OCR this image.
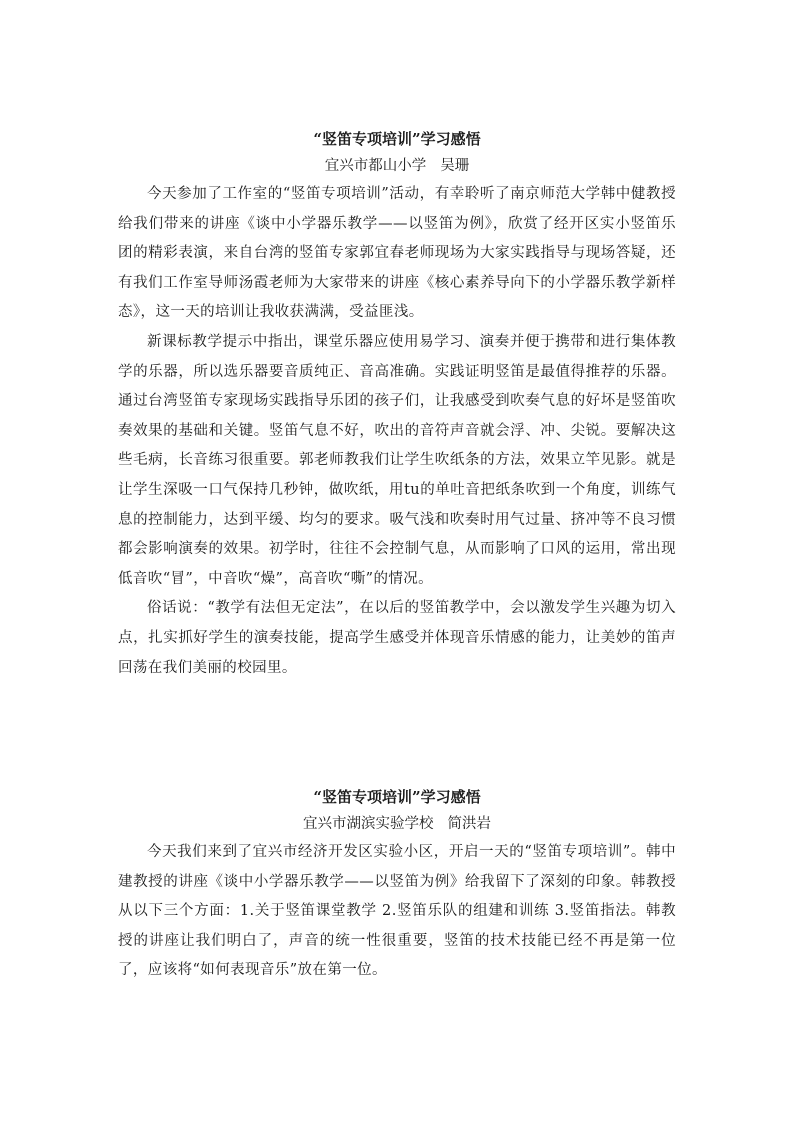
“竖笛专项培训”学习感悟
宜兴市都山小学 吴珊

今天参加了工作室的“竖笛专项培训”活动，有幸聆听了南京师范大学韩中健教授给我们带来的讲座《谈中小学器乐教学——以竖笛为例》，欣赏了经开区实小竖笛乐团的精彩表演，来自台湾的竖笛专家郭宜春老师现场为大家实践指导与现场答疑，还有我们工作室导师汤霞老师为大家带来的讲座《核心素养导向下的小学器乐教学新样态》，这一天的培训让我收获满满，受益匪浅。

新课标教学提示中指出，课堂乐器应使用易学习、演奏并便于携带和进行集体教学的乐器，所以选乐器要音质纯正、音高准确。实践证明竖笛是最值得推荐的乐器。通过台湾竖笛专家现场实践指导乐团的孩子们，让我感受到吹奏气息的好坏是竖笛吹奏效果的基础和关键。竖笛气息不好，吹出的音符声音就会浮、冲、尖锐。要解决这些毛病，长音练习很重要。郭老师教我们让学生吹纸条的方法，效果立竿见影。就是让学生深吸一口气保持几秒钟，做吹纸，用tu的单吐音把纸条吹到一个角度，训练气息的控制能力，达到平缓、均匀的要求。吸气浅和吹奏时用气过量、挤冲等不良习惯都会影响演奏的效果。初学时，往往不会控制气息，从而影响了口风的运用，常出现低音吹“冒”，中音吹“燥”，高音吹“嘶”的情况。

俗话说：“教学有法但无定法”，在以后的竖笛教学中，会以激发学生兴趣为切入点，扎实抓好学生的演奏技能，提高学生感受并体现音乐情感的能力，让美妙的笛声回荡在我们美丽的校园里。

“竖笛专项培训”学习感悟
宜兴市湖滨实验学校 简洪岩

今天我们来到了宜兴市经济开发区实验小区，开启一天的“竖笛专项培训”。韩中建教授的讲座《谈中小学器乐教学——以竖笛为例》给我留下了深刻的印象。韩教授从以下三个方面：1.关于竖笛课堂教学 2.竖笛乐队的组建和训练 3.竖笛指法。韩教授的讲座让我们明白了，声音的统一性很重要，竖笛的技术技能已经不再是第一位了，应该将“如何表现音乐”放在第一位。
